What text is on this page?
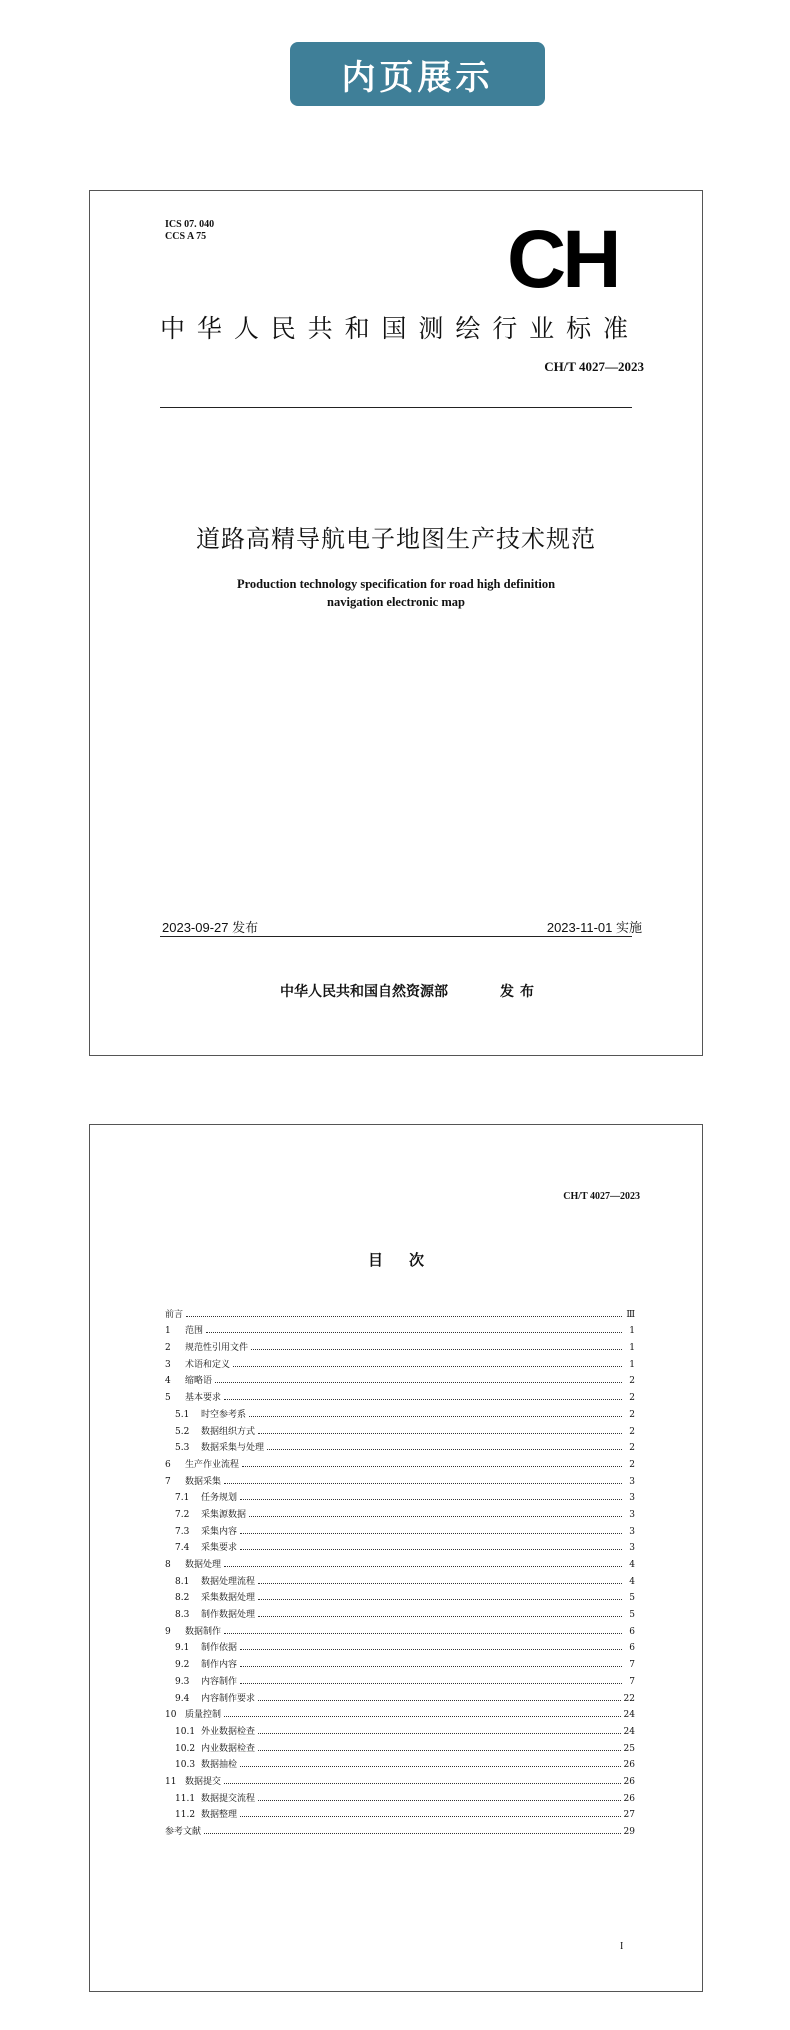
内页展示
ICS 07. 040
CCS A 75	CH
中华人民共和国测绘行业标准
CH/T 4027—2023
道路高精导航电子地图生产技术规范
Production technology specification for road high definition
navigation electronic map
2023-09-27 发布	2023-11-01 实施
中华人民共和国自然资源部	发布
CH/T 4027—2023
目次
前言	Ⅲ
1	范围	1
2	规范性引用文件	1
3	术语和定义	1
4	缩略语	2
5	基本要求	2
5.1	时空参考系	2
5.2	数据组织方式	2
5.3	数据采集与处理	2
6	生产作业流程	2
7	数据采集	3
7.1	任务规划	3
7.2	采集源数据	3
7.3	采集内容	3
7.4	采集要求	3
8	数据处理	4
8.1	数据处理流程	4
8.2	采集数据处理	5
8.3	制作数据处理	5
9	数据制作	6
9.1	制作依据	6
9.2	制作内容	7
9.3	内容制作	7
9.4	内容制作要求	22
10 质量控制	24
10.1 外业数据检查	24
10.2 内业数据检查	25
10.3 数据抽检	26
11 数据提交	26
11.1 数据提交流程	26
11.2 数据整理	27
参考文献	29
I
